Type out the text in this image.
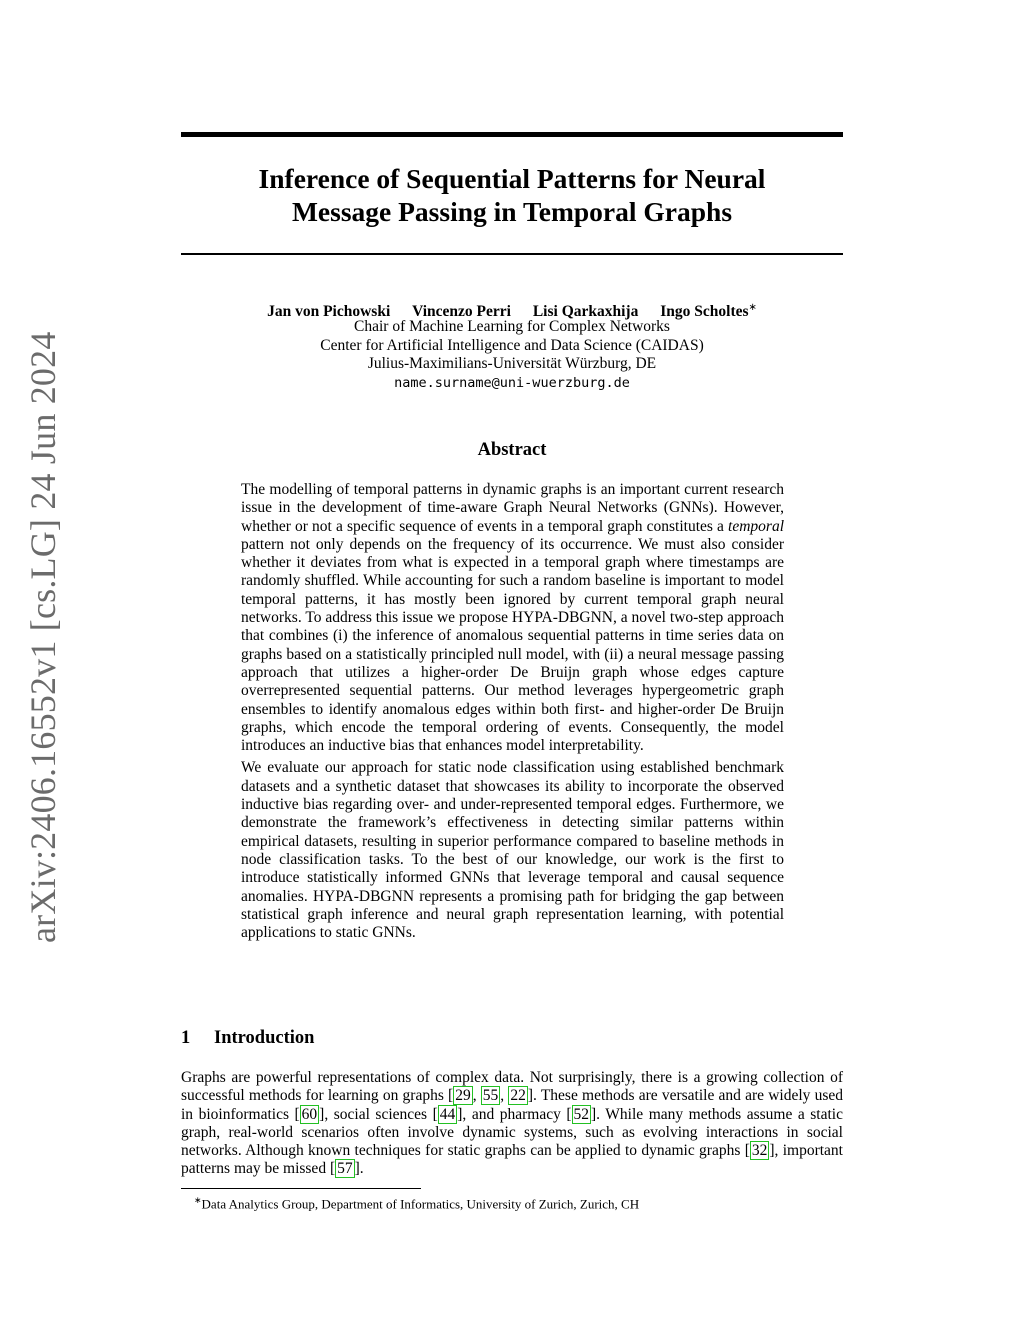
arXiv:2406.16552v1 [cs.LG] 24 Jun 2024
Inference of Sequential Patterns for Neural
Message Passing in Temporal Graphs
Jan von Pichowski Vincenzo Perri Lisi Qarkaxhija Ingo Scholtes∗
Chair of Machine Learning for Complex Networks
Center for Artificial Intelligence and Data Science (CAIDAS)
Julius-Maximilians-Universität Würzburg, DE
name.surname@uni-wuerzburg.de
Abstract

The modelling of temporal patterns in dynamic graphs is an important current research issue in the development of time-aware Graph Neural Networks (GNNs). However, whether or not a specific sequence of events in a temporal graph constitutes a temporal pattern not only depends on the frequency of its occurrence. We must also consider whether it deviates from what is expected in a temporal graph where timestamps are randomly shuffled. While accounting for such a random baseline is important to model temporal patterns, it has mostly been ignored by current temporal graph neural networks. To address this issue we propose HYPA-DBGNN, a novel two-step approach that combines (i) the inference of anomalous sequential patterns in time series data on graphs based on a statistically principled null model, with (ii) a neural message passing approach that utilizes a higher-order De Bruijn graph whose edges capture overrepresented sequential patterns. Our method leverages hypergeometric graph ensembles to identify anomalous edges within both first- and higher-order De Bruijn graphs, which encode the temporal ordering of events. Consequently, the model introduces an inductive bias that enhances model interpretability.

We evaluate our approach for static node classification using established benchmark datasets and a synthetic dataset that showcases its ability to incorporate the observed inductive bias regarding over- and under-represented temporal edges. Furthermore, we demonstrate the framework’s effectiveness in detecting similar patterns within empirical datasets, resulting in superior performance compared to baseline methods in node classification tasks. To the best of our knowledge, our work is the first to introduce statistically informed GNNs that leverage temporal and causal sequence anomalies. HYPA-DBGNN represents a promising path for bridging the gap between statistical graph inference and neural graph representation learning, with potential applications to static GNNs.

1 Introduction

Graphs are powerful representations of complex data. Not surprisingly, there is a growing collection of successful methods for learning on graphs [ 29 , 55 , 22 ]. These methods are versatile and are widely used in bioinformatics [ 60 ], social sciences [ 44 ], and pharmacy [ 52 ]. While many methods assume a static graph, real-world scenarios often involve dynamic systems, such as evolving interactions in social networks. Although known techniques for static graphs can be applied to dynamic graphs [ 32 ], important patterns may be missed [ 57 ].

∗Data Analytics Group, Department of Informatics, University of Zurich, Zurich, CH
